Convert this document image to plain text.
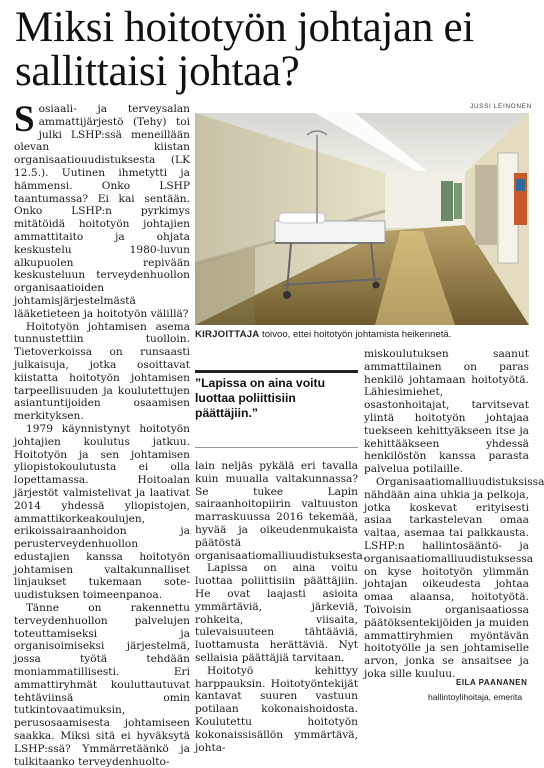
Miksi hoitotyön johtajan ei sallittaisi johtaa?
JUSSI LEINONEN
S osiaali- ja terveysalan ammattijärjestö (Tehy) toi julki LSHP:ssä meneillään olevan kiistan organisaatiouudistuksesta (LK 12.5.). Uutinen ihmetytti ja hämmensi. Onko LSHP taantumassa? Ei kai sentään. Onko LSHP:n pyrkimys mitätöidä hoitotyön johtajien ammattitaito ja ohjata keskustelu 1980-luvun alkupuolen repivään keskusteluun terveydenhuollon organisaatioiden johtamisjärjestelmästä lääketieteen ja hoitotyön välillä?

Hoitotyön johtamisen asema tunnustettiin tuolloin. Tietoverkoissa on runsaasti julkaisuja, jotka osoittavat kiistatta hoitotyön johtamisen tarpeellisuuden ja koulutettujen asiantuntijoiden osaamisen merkityksen.

1979 käynnistynyt hoitotyön johtajien koulutus jatkuu. Hoitotyön ja sen johtamisen yliopistokoulutusta ei olla lopettamassa. Hoitoalan järjestöt valmistelivat ja laativat 2014 yhdessä yliopistojen, ammattikorkeakoulujen, erikoissairaanhoidon ja perusterveydenhuollon edustajien kanssa hoitotyön johtamisen valtakunnalliset linjaukset tukemaan sote-uudistuksen toimeenpanoa.

Tänne on rakennettu terveydenhuollon palvelujen toteuttamiseksi ja organisoimiseksi järjestelmä, jossa työtä tehdään moniammatillisesti. Eri ammattiryhmät kouluttautuvat tehtäviinsä omin tutkintovaatimuksin, perusosaamisesta johtamiseen saakka. Miksi sitä ei hyväksytä LSHP:ssä? Ymmärretäänkö ja tulkitaanko terveydenhuolto-

KIRJOITTAJA toivoo, ettei hoitotyön johtamista heikennetä.
”Lapissa on aina voitu luottaa poliittisiin päättäjiin.”

lain neljäs pykälä eri tavalla kuin muualla valtakunnassa? Se tukee Lapin sairaanhoitopiirin valtuuston marraskuussa 2016 tekemää, hyvää ja oikeudenmukaista päätöstä organisaatiomalliuudistuksesta.

Lapissa on aina voitu luottaa poliittisiin päättäjiin. He ovat laajasti asioita ymmärtäviä, järkeviä, rohkeita, viisaita, tulevaisuuteen tähtääviä, luottamusta herättäviä. Nyt sellaisia päättäjiä tarvitaan.

Hoitotyö kehittyy harppauksin. Hoitotyöntekijät kantavat suuren vastuun potilaan kokonaishoidosta. Koulutettu hoitotyön kokonaissisällön ymmärtävä, johta-

miskoulutuksen saanut ammattilainen on paras henkilö johtamaan hoitotyötä. Lähiesimiehet, osastonhoitajat, tarvitsevat ylintä hoitotyön johtajaa tuekseen kehittyäkseen itse ja kehittääkseen yhdessä henkilöstön kanssa parasta palvelua potilaille.

Organisaatiomalliuudistuksissa nähdään aina uhkia ja pelkoja, jotka koskevat erityisesti asiaa tarkastelevan omaa valtaa, asemaa tai palkkausta. LSHP:n hallintosääntö- ja organisaatiomalliuudistuksessa on kyse hoitotyön ylimmän johtajan oikeudesta johtaa omaa alaansa, hoitotyötä. Toivoisin organisaatiossa päätöksentekijöiden ja muiden ammattiryhmien myöntävän hoitotyölle ja sen johtamiselle arvon, jonka se ansaitsee ja joka sille kuuluu.

EILA PAANANEN
hallintoylihoitaja, emerita
